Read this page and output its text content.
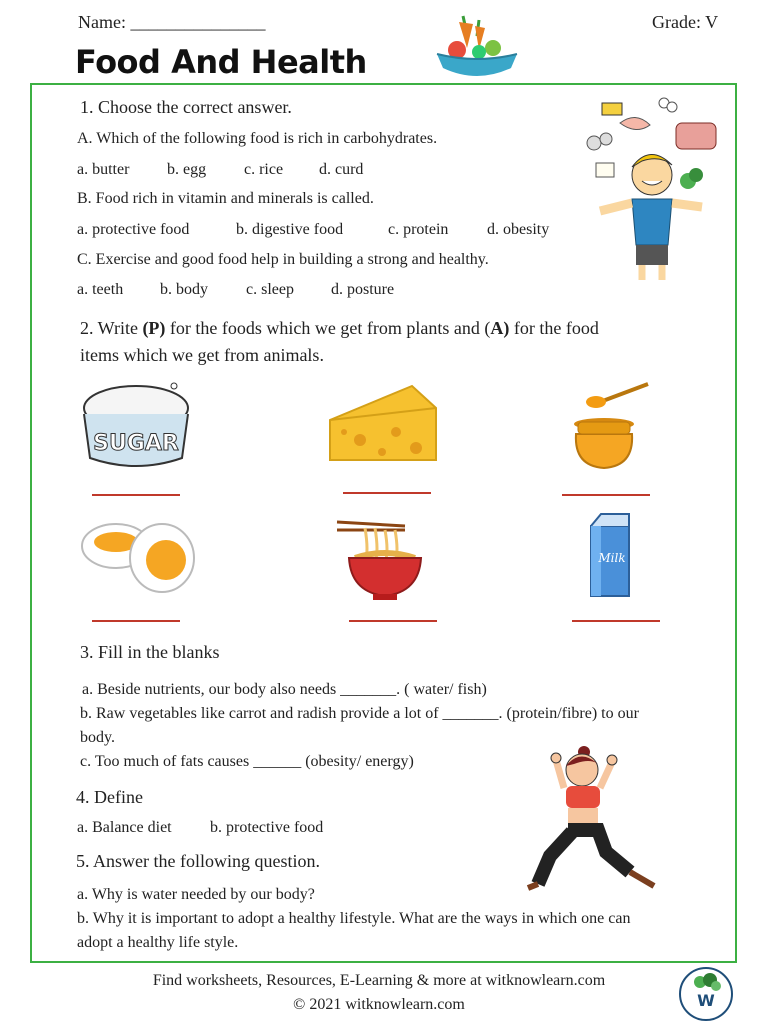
Name: _______________	Grade: V
Food And Health
1. Choose the correct answer.
A. Which of the following food is rich in carbohydrates.
a. butter b. egg c. rice d. curd
B. Food rich in vitamin and minerals is called.
a. protective food	b. digestive food	c. protein d. obesity
C. Exercise and good food help in building a strong and healthy.
a. teeth b. body c. sleep d. posture
2. Write (P) for the foods which we get from plants and (A) for the food
items which we get from animals.
SUGAR
Milk
3. Fill in the blanks
a. Beside nutrients, our body also needs _______. ( water/ fish)
b. Raw vegetables like carrot and radish provide a lot of _______. (protein/fibre) to our
body.
c. Too much of fats causes ______ (obesity/ energy)
4. Define
a. Balance diet b. protective food
5. Answer the following question.
a. Why is water needed by our body?
b. Why it is important to adopt a healthy lifestyle. What are the ways in which one can
adopt a healthy life style.
Find worksheets, Resources, E-Learning & more at witknowlearn.com
© 2021 witknowlearn.com	W
